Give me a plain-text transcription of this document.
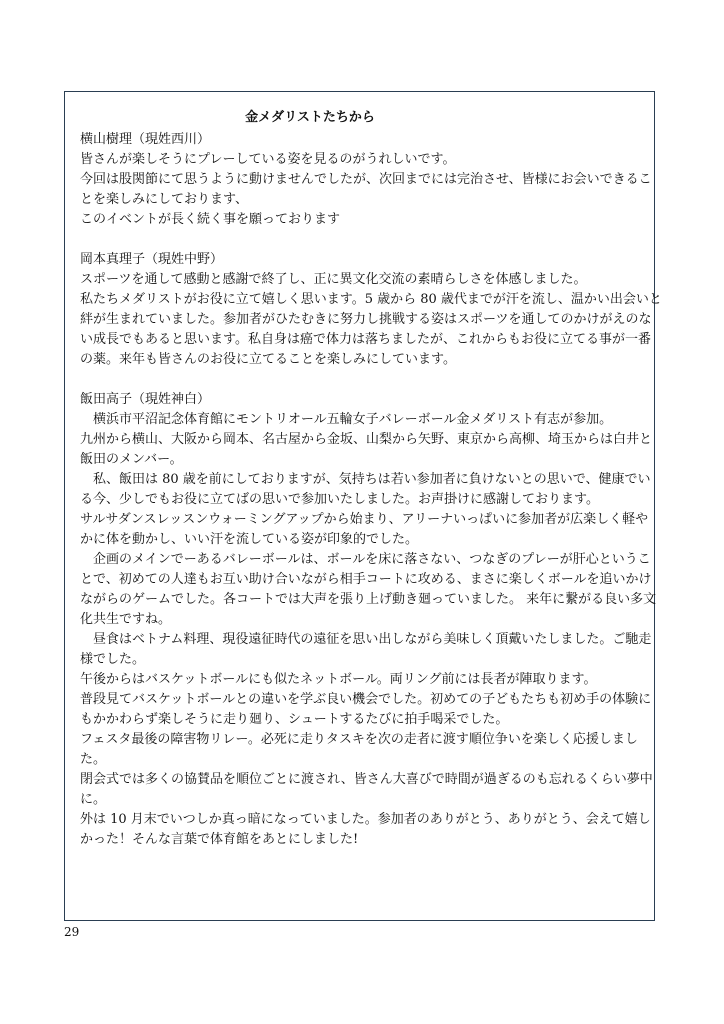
金メダリストたちから
横山樹理（現姓西川）
皆さんが楽しそうにプレーしている姿を見るのがうれしいです。
今回は股関節にて思うように動けませんでしたが、次回までには完治させ、皆様にお会いできるこ
とを楽しみにしております、
このイベントが長く続く事を願っております
岡本真理子（現姓中野）
スポーツを通して感動と感謝で終了し、正に異文化交流の素晴らしさを体感しました。
私たちメダリストがお役に立て嬉しく思います。5 歳から 80 歳代までが汗を流し、温かい出会いと
絆が生まれていました。参加者がひたむきに努力し挑戦する姿はスポーツを通してのかけがえのな
い成長でもあると思います。私自身は癌で体力は落ちましたが、これからもお役に立てる事が一番
の薬。来年も皆さんのお役に立てることを楽しみにしています。
飯田高子（現姓神白）
　横浜市平沼記念体育館にモントリオール五輪女子バレーボール金メダリスト有志が参加。
九州から横山、大阪から岡本、名古屋から金坂、山梨から矢野、東京から高柳、埼玉からは白井と
飯田のメンバー。
　私、飯田は 80 歳を前にしておりますが、気持ちは若い参加者に負けないとの思いで、健康でい
る今、少しでもお役に立てばの思いで参加いたしました。お声掛けに感謝しております。
サルサダンスレッスンウォーミングアップから始まり、アリーナいっぱいに参加者が広楽しく軽や
かに体を動かし、いい汗を流している姿が印象的でした。
　企画のメインでーあるバレーボールは、ボールを床に落さない、つなぎのプレーが肝心というこ
とで、初めての人達もお互い助け合いながら相手コートに攻める、まさに楽しくボールを追いかけ
ながらのゲームでした。各コートでは大声を張り上げ動き廻っていました。 来年に繋がる良い多文
化共生ですね。
　昼食はベトナム料理、現役遠征時代の遠征を思い出しながら美味しく頂戴いたしました。ご馳走
様でした。
午後からはバスケットボールにも似たネットボール。両リング前には長者が陣取ります。
普段見てバスケットボールとの違いを学ぶ良い機会でした。初めての子どもたちも初め手の体験に
もかかわらず楽しそうに走り廻り、シュートするたびに拍手喝采でした。
フェスタ最後の障害物リレー。必死に走りタスキを次の走者に渡す順位争いを楽しく応援しまし
た。
閉会式では多くの協賛品を順位ごとに渡され、皆さん大喜びで時間が過ぎるのも忘れるくらい夢中
に。
外は 10 月末でいつしか真っ暗になっていました。参加者のありがとう、ありがとう、会えて嬉し
かった！そんな言葉で体育館をあとにしました!
29
